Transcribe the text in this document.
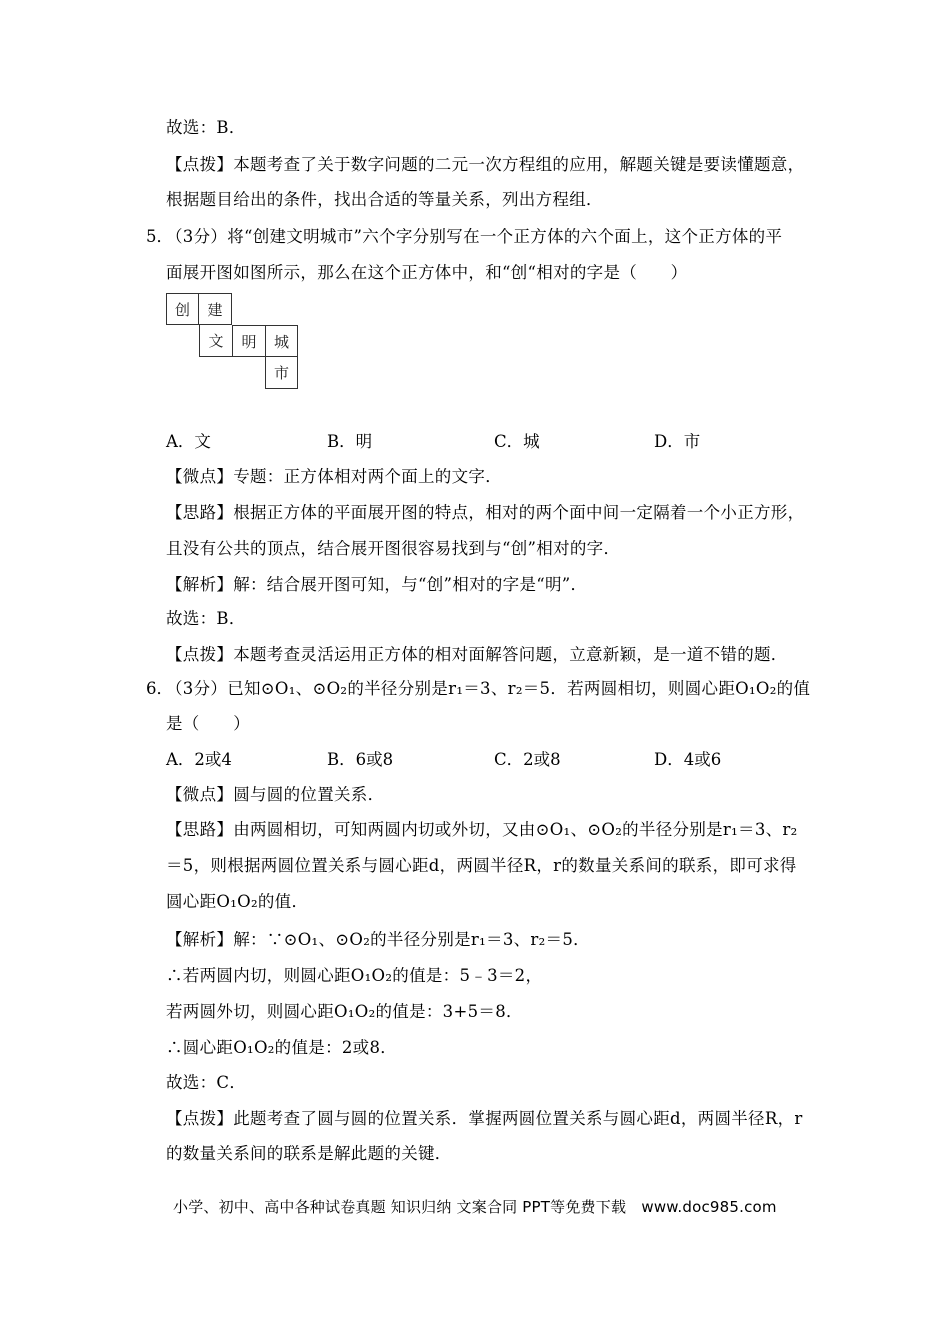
故选：B．
【点拨】本题考查了关于数字问题的二元一次方程组的应用，解题关键是要读懂题意，
根据题目给出的条件，找出合适的等量关系，列出方程组．
5．
（3分）将“创建文明城市”六个字分别写在一个正方体的六个面上，这个正方体的平
面展开图如图所示，那么在这个正方体中，和“创“相对的字是（　　）
创	建
文	明	城
市
A．文	B．明	C．城	D．市
【微点】专题：正方体相对两个面上的文字．
【思路】根据正方体的平面展开图的特点，相对的两个面中间一定隔着一个小正方形，
且没有公共的顶点，结合展开图很容易找到与“创”相对的字．
【解析】解：结合展开图可知，与“创”相对的字是“明”．
故选：B．
【点拨】本题考查灵活运用正方体的相对面解答问题，立意新颖，是一道不错的题．
6．
（3分）已知⊙O₁、⊙O₂的半径分别是r₁＝3、r₂＝5．若两圆相切，则圆心距O₁O₂的值
是（　　）
A．2或4	B．6或8	C．2或8	D．4或6
【微点】圆与圆的位置关系．
【思路】由两圆相切，可知两圆内切或外切，又由⊙O₁、⊙O₂的半径分别是r₁＝3、r₂
＝5，则根据两圆位置关系与圆心距d，两圆半径R，r的数量关系间的联系，即可求得
圆心距O₁O₂的值．
【解析】解：∵⊙O₁、⊙O₂的半径分别是r₁＝3、r₂＝5．
∴若两圆内切，则圆心距O₁O₂的值是：5﹣3＝2，
若两圆外切，则圆心距O₁O₂的值是：3+5＝8．
∴圆心距O₁O₂的值是：2或8．
故选：C．
【点拨】此题考查了圆与圆的位置关系．掌握两圆位置关系与圆心距d，两圆半径R，r
的数量关系间的联系是解此题的关键．
小学、初中、高中各种试卷真题 知识归纳 文案合同 PPT等免费下载　www.doc985.com
